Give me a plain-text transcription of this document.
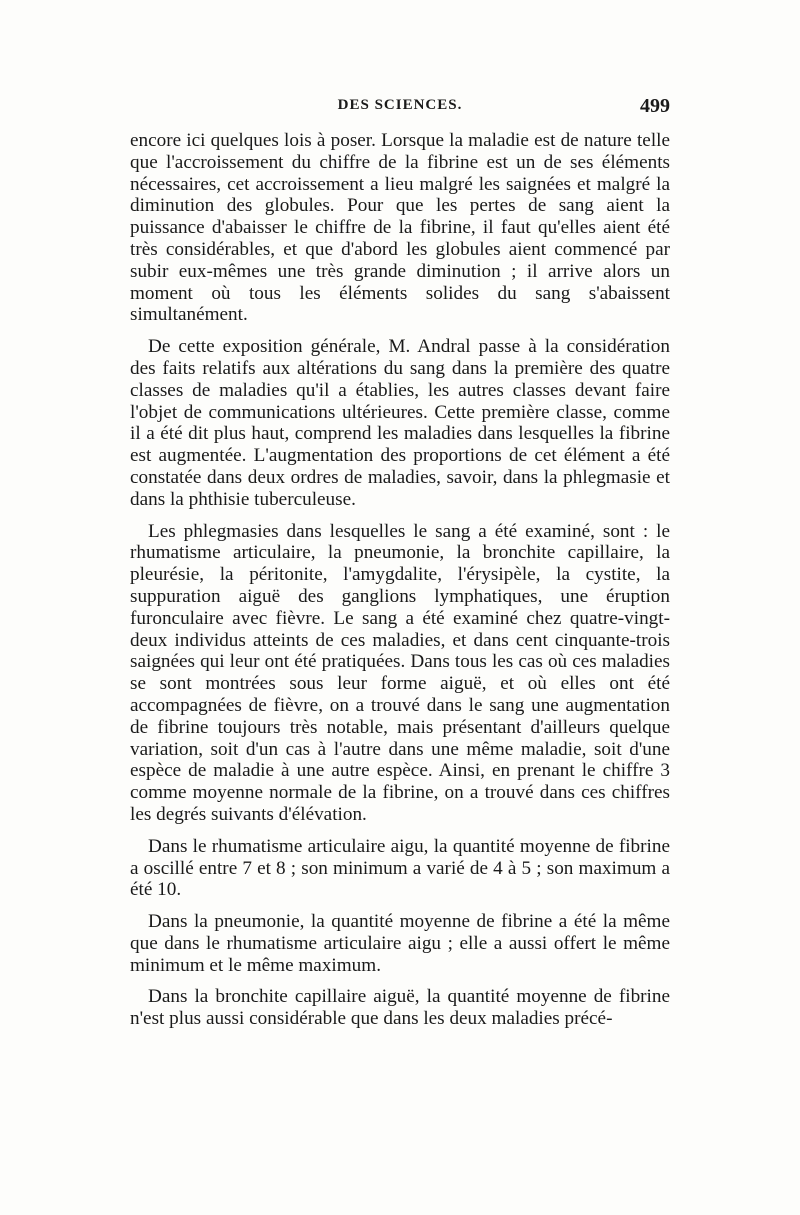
DES SCIENCES.	499

encore ici quelques lois à poser. Lorsque la maladie est de nature telle que l'accroissement du chiffre de la fibrine est un de ses éléments nécessaires, cet accroissement a lieu malgré les saignées et malgré la diminution des globules. Pour que les pertes de sang aient la puissance d'abaisser le chiffre de la fibrine, il faut qu'elles aient été très considérables, et que d'abord les globules aient commencé par subir eux-mêmes une très grande diminution ; il arrive alors un moment où tous les éléments solides du sang s'abaissent simultanément.

De cette exposition générale, M. Andral passe à la considération des faits relatifs aux altérations du sang dans la première des quatre classes de maladies qu'il a établies, les autres classes devant faire l'objet de communications ultérieures. Cette première classe, comme il a été dit plus haut, comprend les maladies dans lesquelles la fibrine est augmentée. L'augmentation des proportions de cet élément a été constatée dans deux ordres de maladies, savoir, dans la phlegmasie et dans la phthisie tuberculeuse.

Les phlegmasies dans lesquelles le sang a été examiné, sont : le rhumatisme articulaire, la pneumonie, la bronchite capillaire, la pleurésie, la péritonite, l'amygdalite, l'érysipèle, la cystite, la suppuration aiguë des ganglions lymphatiques, une éruption furonculaire avec fièvre. Le sang a été examiné chez quatre-vingt-deux individus atteints de ces maladies, et dans cent cinquante-trois saignées qui leur ont été pratiquées. Dans tous les cas où ces maladies se sont montrées sous leur forme aiguë, et où elles ont été accompagnées de fièvre, on a trouvé dans le sang une augmentation de fibrine toujours très notable, mais présentant d'ailleurs quelque variation, soit d'un cas à l'autre dans une même maladie, soit d'une espèce de maladie à une autre espèce. Ainsi, en prenant le chiffre 3 comme moyenne normale de la fibrine, on a trouvé dans ces chiffres les degrés suivants d'élévation.

Dans le rhumatisme articulaire aigu, la quantité moyenne de fibrine a oscillé entre 7 et 8 ; son minimum a varié de 4 à 5 ; son maximum a été 10.

Dans la pneumonie, la quantité moyenne de fibrine a été la même que dans le rhumatisme articulaire aigu ; elle a aussi offert le même minimum et le même maximum.

Dans la bronchite capillaire aiguë, la quantité moyenne de fibrine n'est plus aussi considérable que dans les deux maladies précé-
